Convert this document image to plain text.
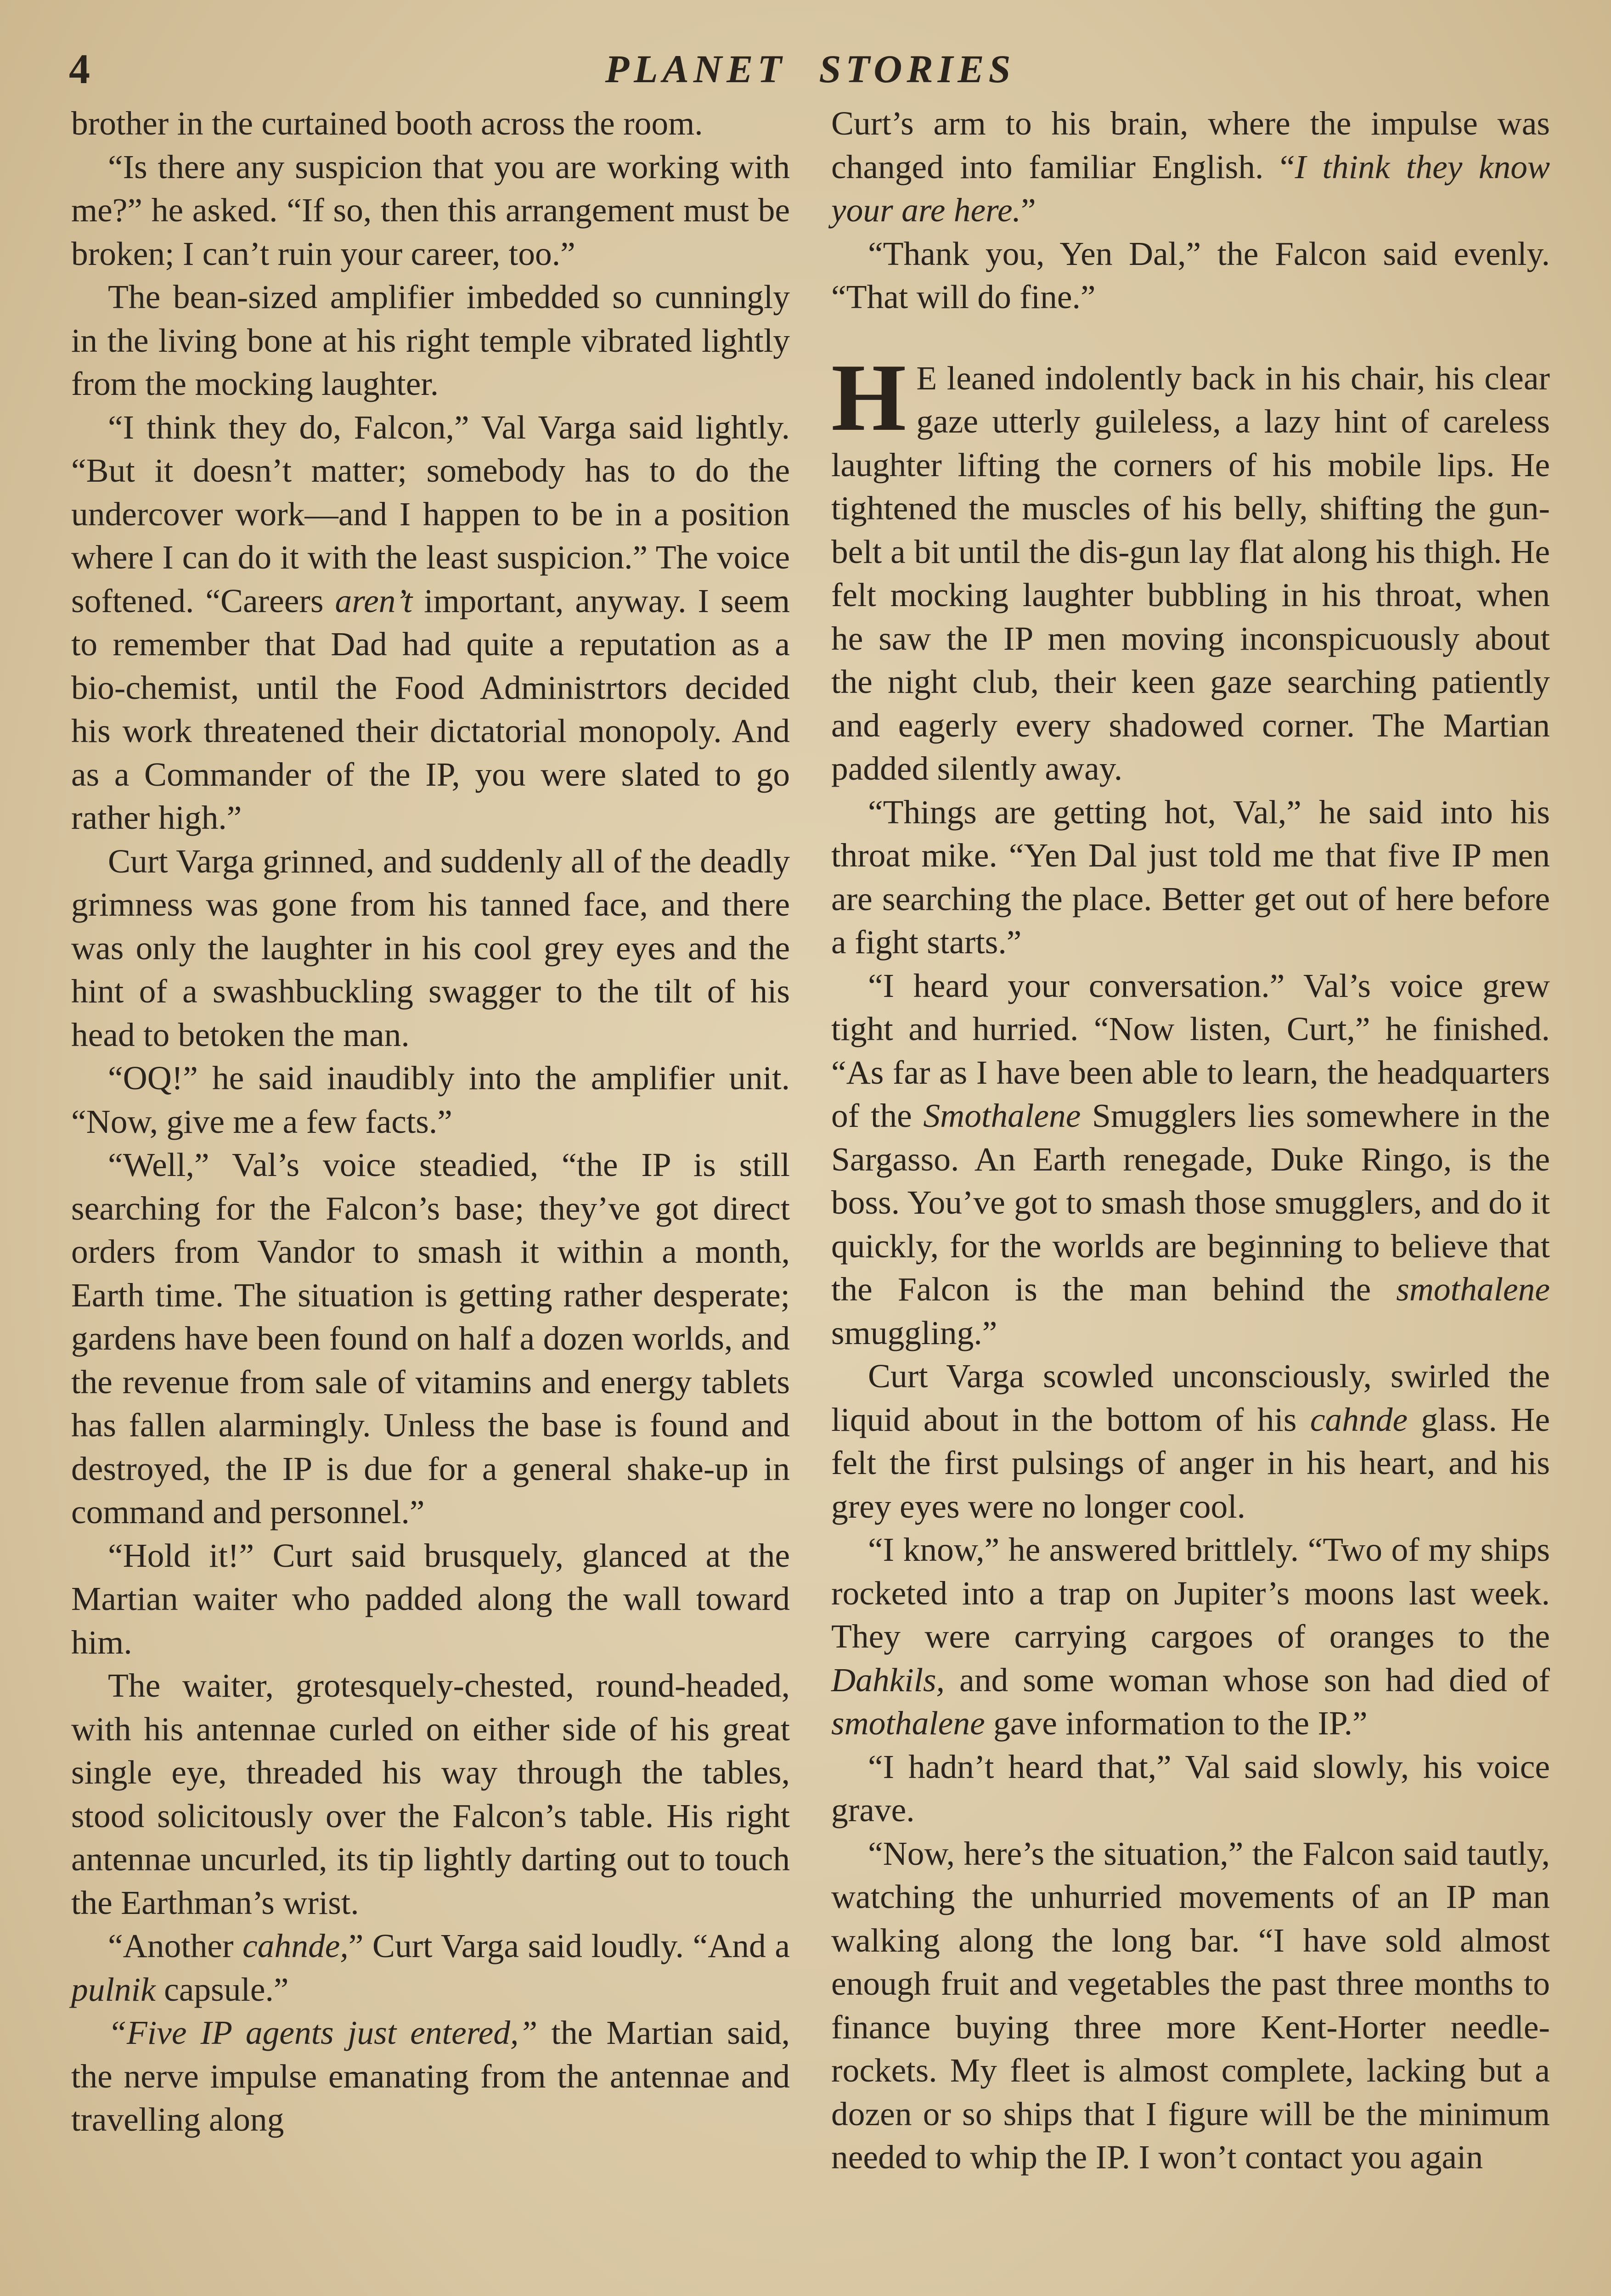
4	PLANET STORIES

brother in the curtained booth across the room.

“Is there any suspicion that you are working with me?” he asked. “If so, then this arrangement must be broken; I can’t ruin your career, too.”

The bean-sized amplifier imbedded so cunningly in the living bone at his right temple vibrated lightly from the mocking laughter.

“I think they do, Falcon,” Val Varga said lightly. “But it doesn’t matter; somebody has to do the undercover work—and I happen to be in a position where I can do it with the least suspicion.” The voice softened. “Careers aren’t important, anyway. I seem to remember that Dad had quite a reputation as a bio-chemist, until the Food Administrtors decided his work threatened their dictatorial monopoly. And as a Commander of the IP, you were slated to go rather high.”

Curt Varga grinned, and suddenly all of the deadly grimness was gone from his tanned face, and there was only the laughter in his cool grey eyes and the hint of a swashbuckling swagger to the tilt of his head to betoken the man.

“OQ!” he said inaudibly into the amplifier unit. “Now, give me a few facts.”

“Well,” Val’s voice steadied, “the IP is still searching for the Falcon’s base; they’ve got direct orders from Vandor to smash it within a month, Earth time. The situation is getting rather desperate; gardens have been found on half a dozen worlds, and the revenue from sale of vitamins and energy tablets has fallen alarmingly. Unless the base is found and destroyed, the IP is due for a general shake-up in command and personnel.”

“Hold it!” Curt said brusquely, glanced at the Martian waiter who padded along the wall toward him.

The waiter, grotesquely-chested, round-headed, with his antennae curled on either side of his great single eye, threaded his way through the tables, stood solicitously over the Falcon’s table. His right antennae uncurled, its tip lightly darting out to touch the Earthman’s wrist.

“Another cahnde,” Curt Varga said loudly. “And a pulnik capsule.”

“Five IP agents just entered,” the Martian said, the nerve impulse emanating from the antennae and travelling along

Curt’s arm to his brain, where the impulse was changed into familiar English. “I think they know your are here.”

“Thank you, Yen Dal,” the Falcon said evenly. “That will do fine.”

H E leaned indolently back in his chair, his clear gaze utterly guileless, a lazy hint of careless laughter lifting the corners of his mobile lips. He tightened the muscles of his belly, shifting the gun-belt a bit until the dis-gun lay flat along his thigh. He felt mocking laughter bubbling in his throat, when he saw the IP men moving inconspicuously about the night club, their keen gaze searching patiently and eagerly every shadowed corner. The Martian padded silently away.

“Things are getting hot, Val,” he said into his throat mike. “Yen Dal just told me that five IP men are searching the place. Better get out of here before a fight starts.”

“I heard your conversation.” Val’s voice grew tight and hurried. “Now listen, Curt,” he finished. “As far as I have been able to learn, the headquarters of the Smothalene Smugglers lies somewhere in the Sargasso. An Earth renegade, Duke Ringo, is the boss. You’ve got to smash those smugglers, and do it quickly, for the worlds are beginning to believe that the Falcon is the man behind the smothalene smuggling.”

Curt Varga scowled unconsciously, swirled the liquid about in the bottom of his cahnde glass. He felt the first pulsings of anger in his heart, and his grey eyes were no longer cool.

“I know,” he answered brittlely. “Two of my ships rocketed into a trap on Jupiter’s moons last week. They were carrying cargoes of oranges to the Dahkils, and some woman whose son had died of smothalene gave information to the IP.”

“I hadn’t heard that,” Val said slowly, his voice grave.

“Now, here’s the situation,” the Falcon said tautly, watching the unhurried movements of an IP man walking along the long bar. “I have sold almost enough fruit and vegetables the past three months to finance buying three more Kent-Horter needle-rockets. My fleet is almost complete, lacking but a dozen or so ships that I figure will be the minimum needed to whip the IP. I won’t contact you again
